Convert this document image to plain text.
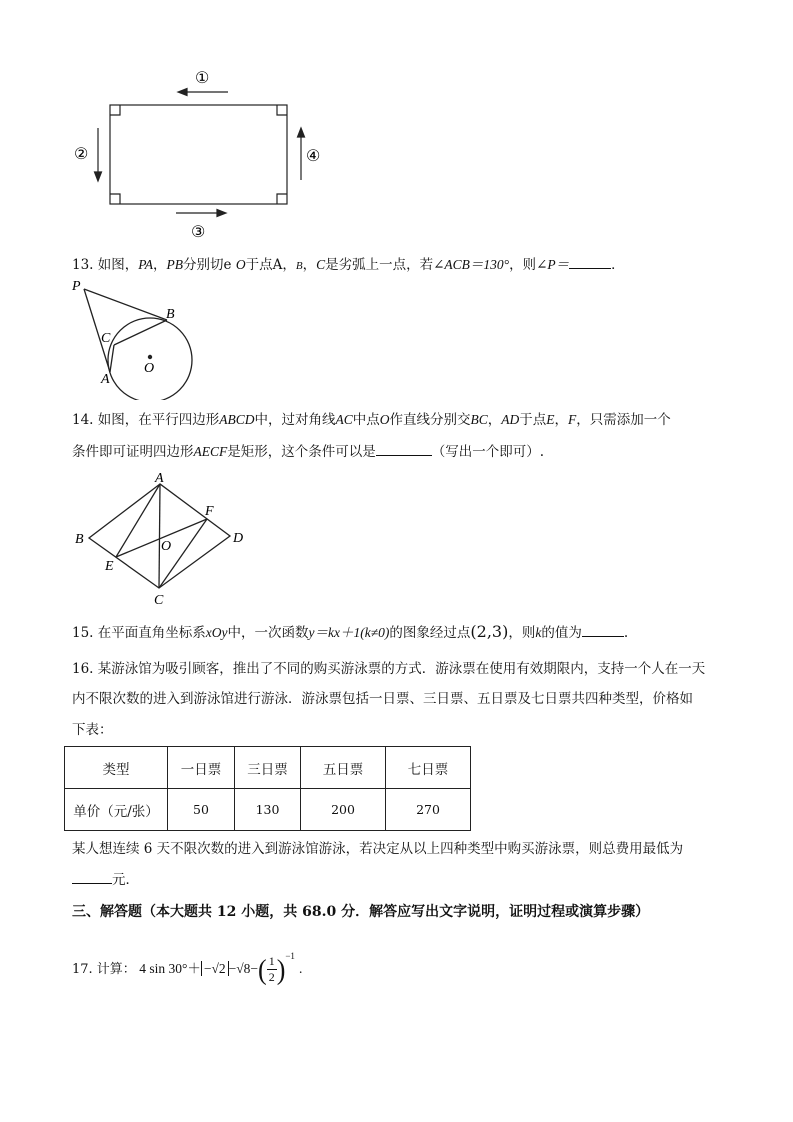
①
②
③
④
13. 如图，PA，PB分别切e O于点A，B，C是劣弧上一点，若∠ACB＝130°，则∠P＝	．
P
B
C
A
O
14. 如图，在平行四边形ABCD中，过对角线AC中点O作直线分别交BC，AD于点E，F，只需添加一个
条件即可证明四边形AECF是矩形，这个条件可以是	（写出一个即可）.
A
B
C
D
E
F
O
15. 在平面直角坐标系xOy中，一次函数y＝kx＋1(k≠0)的图象经过点(2,3)，则k的值为	.
16. 某游泳馆为吸引顾客，推出了不同的购买游泳票的方式．游泳票在使用有效期限内，支持一个人在一天
内不限次数的进入到游泳馆进行游泳．游泳票包括一日票、三日票、五日票及七日票共四种类型，价格如
下表：
类型	一日票	三日票	五日票	七日票
单价（元/张）	50	130	200	270
某人想连续 6 天不限次数的进入到游泳馆游泳，若决定从以上四种类型中购买游泳票，则总费用最低为
元．
三、解答题（本大题共 12 小题，共 68.0 分．解答应写出文字说明，证明过程或演算步骤）
17. 计算： 4 $\sin 30^\circ+ -√2 -√8-( \frac{1}{2} )^{-1}$.
